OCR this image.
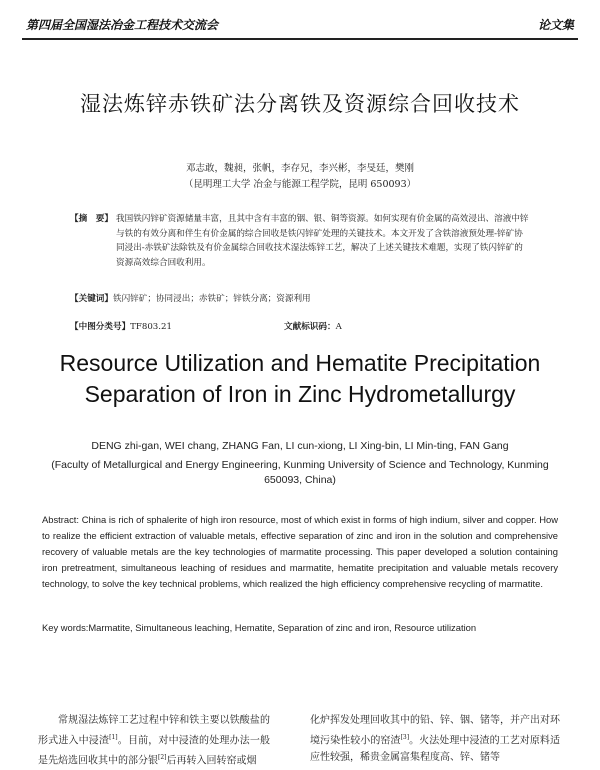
第四届全国湿法冶金工程技术交流会	论文集
湿法炼锌赤铁矿法分离铁及资源综合回收技术
邓志敢，魏昶，张帆，李存兄，李兴彬，李旻廷，樊刚
（昆明理工大学 冶金与能源工程学院，昆明 650093）
【摘　要】 我国铁闪锌矿资源储量丰富，且其中含有丰富的铟、银、铜等资源。如何实现有价金属的高效浸出、溶液中锌与铁的有效分离和伴生有价金属的综合回收是铁闪锌矿处理的关键技术。本文开发了含铁溶液预处理-锌矿协同浸出-赤铁矿法除铁及有价金属综合回收技术湿法炼锌工艺，解决了上述关键技术难题，实现了铁闪锌矿的资源高效综合回收利用。
【关键词】铁闪锌矿；协同浸出；赤铁矿；锌铁分离；资源利用
【中图分类号】TF803.21	文献标识码：A
Resource Utilization and Hematite Precipitation
Separation of Iron in Zinc Hydrometallurgy
DENG zhi-gan, WEI chang, ZHANG Fan, LI cun-xiong, LI Xing-bin, LI Min-ting, FAN Gang
(Faculty of Metallurgical and Energy Engineering, Kunming University of Science and Technology, Kunming 650093, China)
Abstract: China is rich of sphalerite of high iron resource, most of which exist in forms of high indium, silver and copper. How to realize the efficient extraction of valuable metals, effective separation of zinc and iron in the solution and comprehensive recovery of valuable metals are the key technologies of marmatite processing. This paper developed a solution containing iron pretreatment, simultaneous leaching of residues and marmatite, hematite precipitation and valuable metals recovery technology, to solve the key technical problems, which realized the high efficiency comprehensive recycling of marmatite.
Key words:Marmatite, Simultaneous leaching, Hematite, Separation of zinc and iron, Resource utilization
常规湿法炼锌工艺过程中锌和铁主要以铁酸盐的形式进入中浸渣[1]。目前，对中浸渣的处理办法一般是先焙选回收其中的部分银[2]后再转入回转窑或烟
化炉挥发处理回收其中的铅、锌、铟、锗等，并产出对环境污染性较小的窑渣[3]。火法处理中浸渣的工艺对原料适应性较强，稀贵金属富集程度高、锌、锗等
